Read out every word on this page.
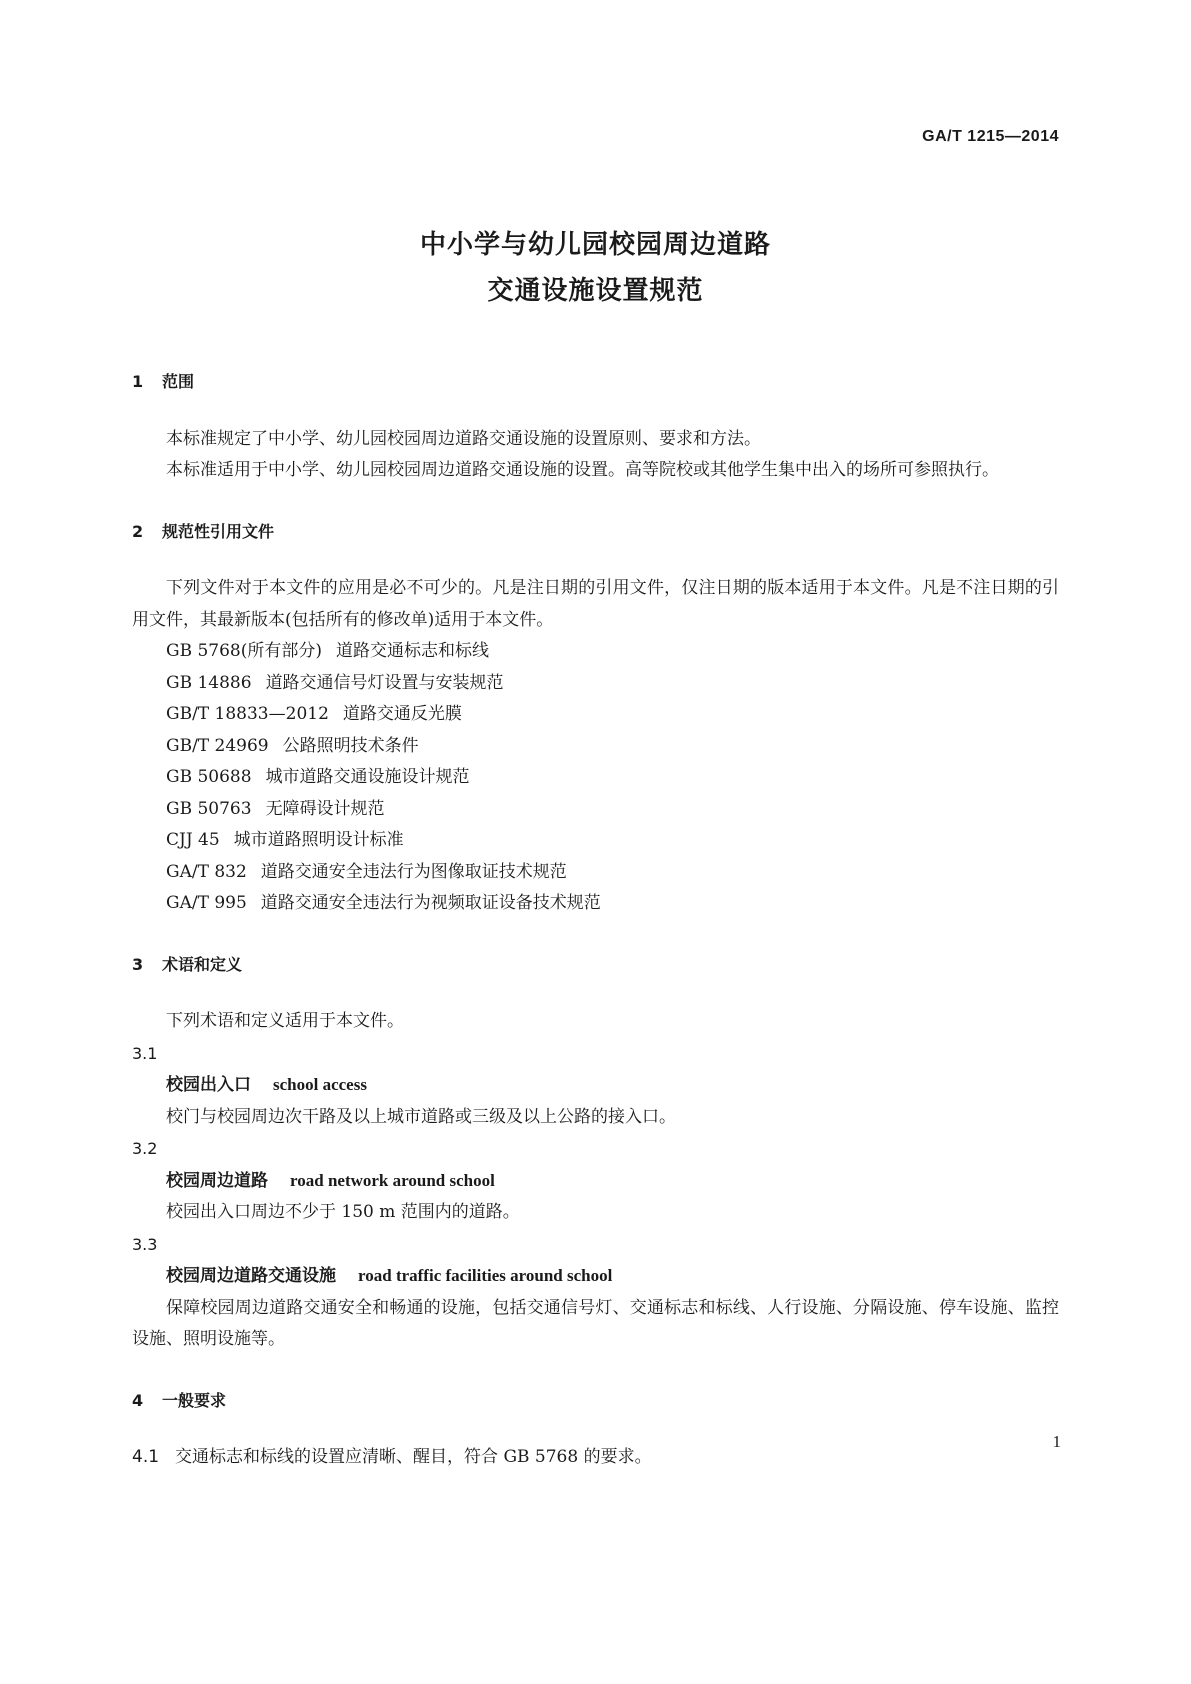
GA/T 1215—2014
中小学与幼儿园校园周边道路
交通设施设置规范

1 范围

本标准规定了中小学、幼儿园校园周边道路交通设施的设置原则、要求和方法。

本标准适用于中小学、幼儿园校园周边道路交通设施的设置。高等院校或其他学生集中出入的场所可参照执行。

2 规范性引用文件

下列文件对于本文件的应用是必不可少的。凡是注日期的引用文件，仅注日期的版本适用于本文件。凡是不注日期的引用文件，其最新版本(包括所有的修改单)适用于本文件。

GB 5768(所有部分) 道路交通标志和标线

GB 14886 道路交通信号灯设置与安装规范

GB/T 18833—2012 道路交通反光膜

GB/T 24969 公路照明技术条件

GB 50688 城市道路交通设施设计规范

GB 50763 无障碍设计规范

CJJ 45 城市道路照明设计标准

GA/T 832 道路交通安全违法行为图像取证技术规范

GA/T 995 道路交通安全违法行为视频取证设备技术规范

3 术语和定义

下列术语和定义适用于本文件。

3.1

校园出入口 school access

校门与校园周边次干路及以上城市道路或三级及以上公路的接入口。

3.2

校园周边道路 road network around school

校园出入口周边不少于 150 m 范围内的道路。

3.3

校园周边道路交通设施 road traffic facilities around school

保障校园周边道路交通安全和畅通的设施，包括交通信号灯、交通标志和标线、人行设施、分隔设施、停车设施、监控设施、照明设施等。

4 一般要求

4.1 交通标志和标线的设置应清晰、醒目，符合 GB 5768 的要求。

1
